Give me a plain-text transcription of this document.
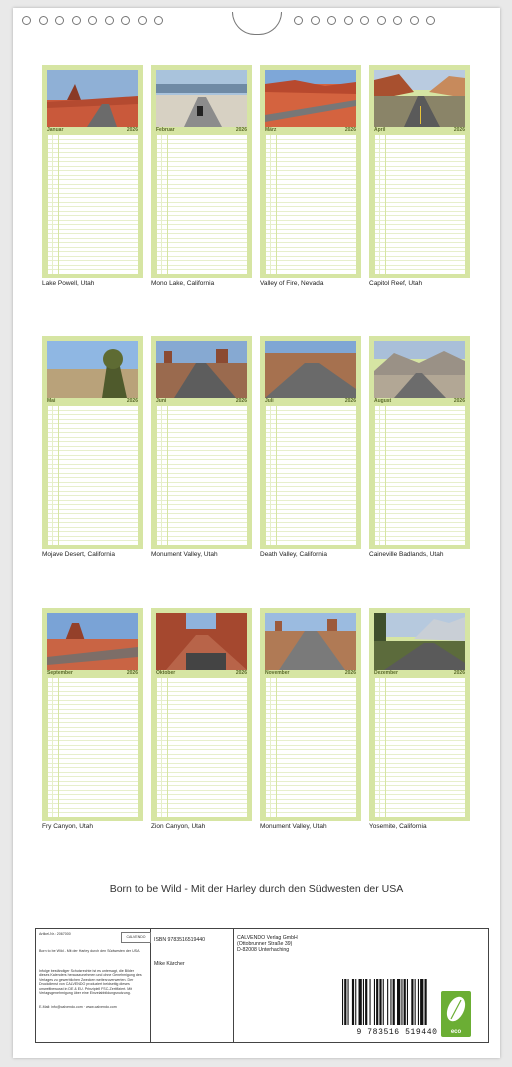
Januar	2026
Lake Powell, Utah
Februar	2026
Mono Lake, California
März	2026
Valley of Fire, Nevada
April	2026
Capitol Reef, Utah
Mai	2026
Mojave Desert, California
Juni	2026
Monument Valley, Utah
Juli	2026
Death Valley, California
August	2026
Caineville Badlands, Utah
September	2026
Fry Canyon, Utah
Oktober	2026
Zion Canyon, Utah
November	2026
Monument Valley, Utah
Dezember	2026
Yosemite, California
Born to be Wild - Mit der Harley durch den Südwesten der USA
Artikel-Nr.: 2067000
CALVENDO
Born to be Wild - Mit der Harley durch den Südwesten der USA
Infolge beständiger Schutzrechte ist es untersagt, die Bilder dieses Kalenders herauszunehmen und ohne Genehmigung des Verlages zu gewerblichen Zwecken weiterzuverwerten. Der Druckdienst von CALVENDO produziert beidseitig dieses umweltbewusst in DE & EU. Prinzipiell FSC-Zertifiziert. Mit Verlagsgenehmigung über eine Einzelabbildungsnutzung.
E-Mail: info@calvendo.com · www.calvendo.com
ISBN 9783516519440
Mike Kärcher
CALVENDO Verlag GmbH
(Ottobrunner Straße 39)
D-82008 Unterhaching
9 783516 519440	eco
